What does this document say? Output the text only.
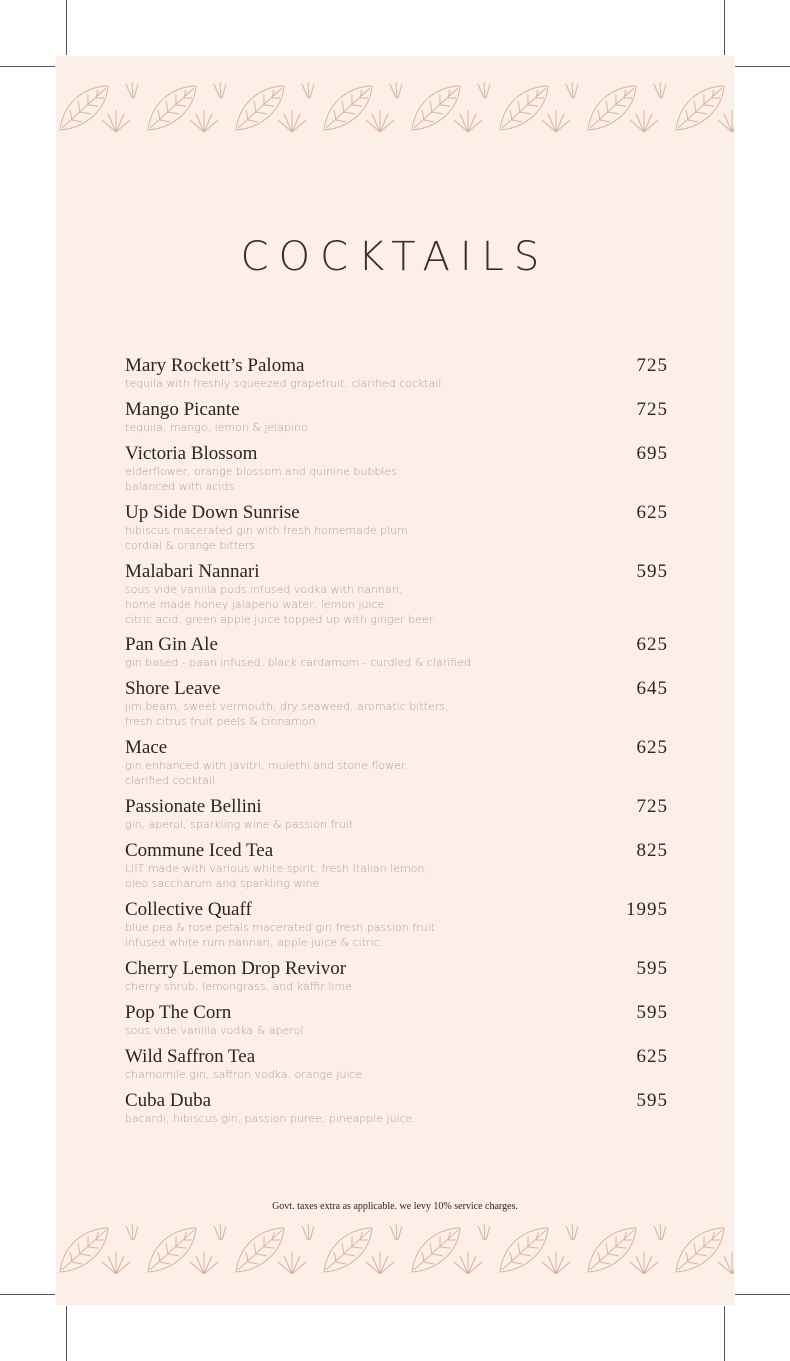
COCKTAILS
Mary Rockett’s Paloma
tequila with freshly squeezed grapefruit, clarified cocktail
725
Mango Picante
tequila, mango, lemon & jelapino
725
Victoria Blossom
elderflower, orange blossom and quinine bubbles
balanced with acids
695
Up Side Down Sunrise
hibiscus macerated gin with fresh homemade plum
cordial & orange bitters
625
Malabari Nannari
sous vide vanilla pods infused vodka with nannari,
home made honey jalapeno water, lemon juice,
citric acid, green apple juice topped up with ginger beer
595
Pan Gin Ale
gin based - paan infused, black cardamom - curdled & clarified
625
Shore Leave
jim beam, sweet vermouth, dry seaweed, aromatic bitters,
fresh citrus fruit peels & cinnamon
645
Mace
gin enhanced with javitri, mulethi and stone flower.
clarified cocktail
625
Passionate Bellini
gin, aperol, sparkling wine & passion fruit
725
Commune Iced Tea
LIIT made with various white spirit, fresh Italian lemon,
oleo saccharum and sparkling wine
825
Collective Quaff
blue pea & rose petals macerated gin fresh passion fruit
infused white rum nannari, apple juice & citric
1995
Cherry Lemon Drop Revivor
cherry shrub, lemongrass, and kaffir lime
595
Pop The Corn
sous vide vanilla vodka & aperol
595
Wild Saffron Tea
chamomile gin, saffron vodka, orange juice
625
Cuba Duba
bacardi, hibiscus gin, passion puree, pineapple juice
595
Govt. taxes extra as applicable. we levy 10% service charges.
